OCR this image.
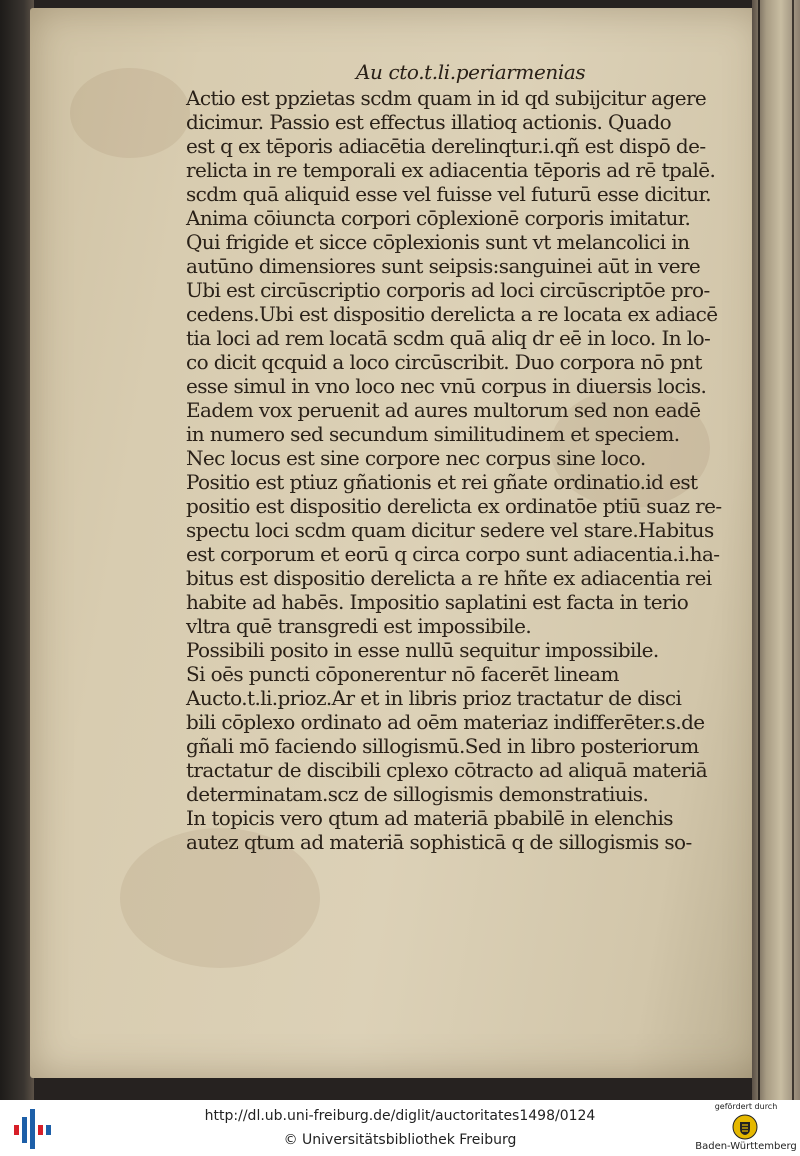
Au cto.t.li.periarmenias
Actio est ppzietas scdm quam in id qd subijcitur agere
dicimur. Passio est effectus illatioq actionis. Quado
est q ex tēporis adiacētia derelinqtur.i.qñ est dispō de-
relicta in re temporali ex adiacentia tēporis ad rē tpalē.
scdm quā aliquid esse vel fuisse vel futurū esse dicitur.
Anima cōiuncta corpori cōplexionē corporis imitatur.
Qui frigide et sicce cōplexionis sunt vt melancolici in
autūno dimensiores sunt seipsis:sanguinei aūt in vere
Ubi est circūscriptio corporis ad loci circūscriptōe pro-
cedens.Ubi est dispositio derelicta a re locata ex adiacē
tia loci ad rem locatā scdm quā aliq dr eē in loco. In lo-
co dicit qcquid a loco circūscribit. Duo corpora nō pnt
esse simul in vno loco nec vnū corpus in diuersis locis.
Eadem vox peruenit ad aures multorum sed non eadē
in numero sed secundum similitudinem et speciem.
Nec locus est sine corpore nec corpus sine loco.
Positio est ptiuz gñationis et rei gñate ordinatio.id est
positio est dispositio derelicta ex ordinatōe ptiū suaz re-
spectu loci scdm quam dicitur sedere vel stare.Habitus
est corporum et eorū q circa corpo sunt adiacentia.i.ha-
bitus est dispositio derelicta a re hñte ex adiacentia rei
habite ad habēs. Impositio saplatini est facta in terio
vltra quē transgredi est impossibile.
Possibili posito in esse nullū sequitur impossibile.
Si oēs puncti cōponerentur nō facerēt lineam
Aucto.t.li.prioz.Ar et in libris prioz tractatur de disci
bili cōplexo ordinato ad oēm materiaz indifferēter.s.de
gñali mō faciendo sillogismū.Sed in libro posteriorum
tractatur de discibili cplexo cōtracto ad aliquā materiā
determinatam.scz de sillogismis demonstratiuis.
In topicis vero qtum ad materiā pbabilē in elenchis
autez qtum ad materiā sophisticā q de sillogismis so-
http://dl.ub.uni-freiburg.de/diglit/auctoritates1498/0124
© Universitätsbibliothek Freiburg
gefördert durch
Baden-Württemberg
